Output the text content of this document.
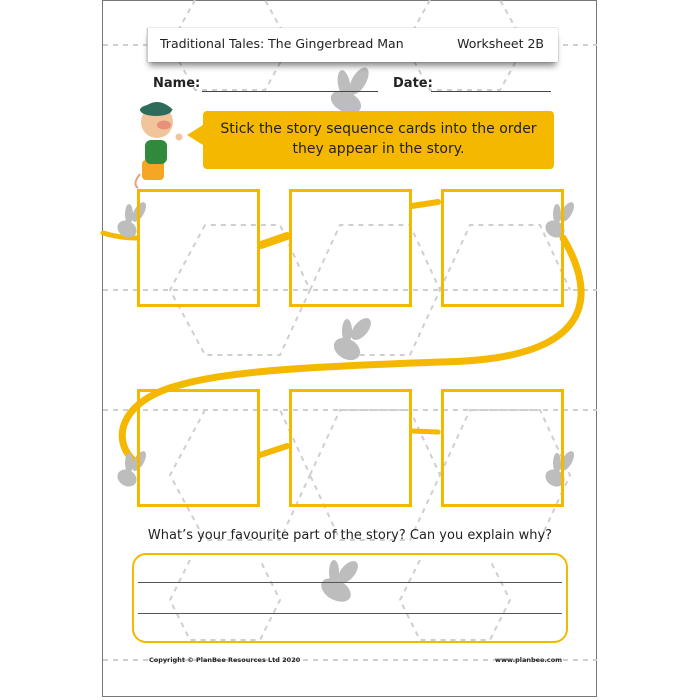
Traditional Tales: The Gingerbread Man	Worksheet 2B
Name:	Date:
Stick the story sequence cards into the order they appear in the story.
What’s your favourite part of the story? Can you explain why?
Copyright © PlanBee Resources Ltd 2020	www.planbee.com
